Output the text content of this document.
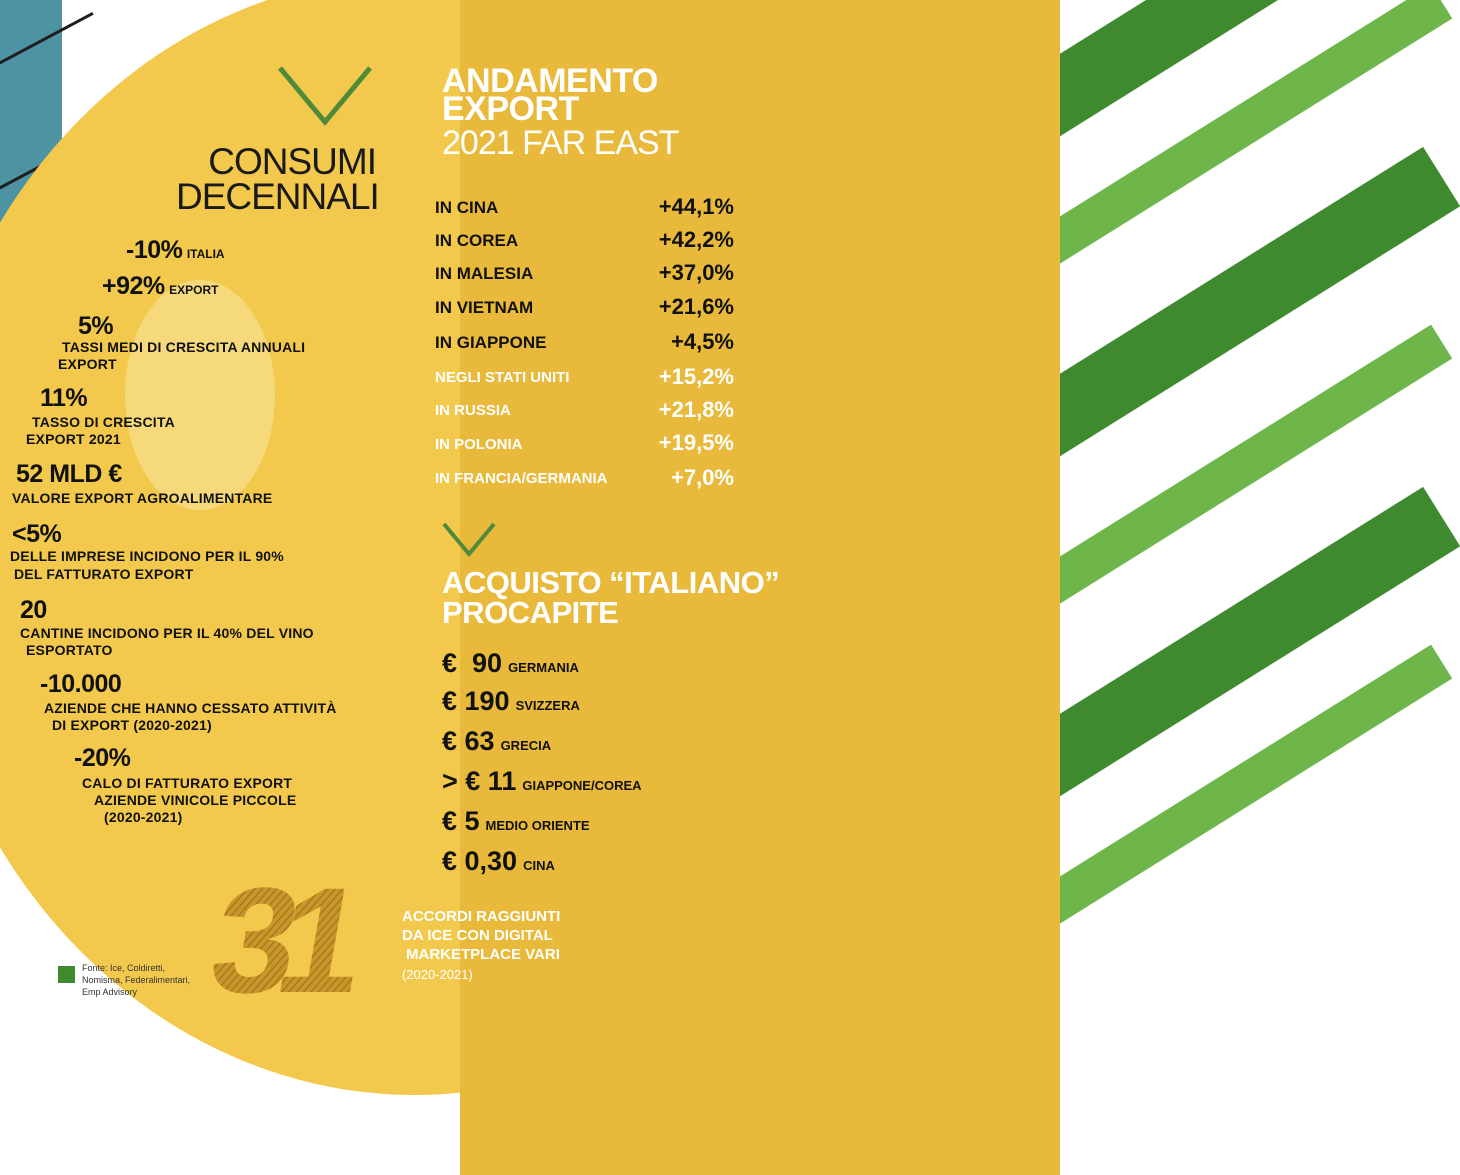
CONSUMI
DECENNALI
-10% ITALIA
+92% EXPORT
5%
TASSI MEDI DI CRESCITA ANNUALI
EXPORT
11%
TASSO DI CRESCITA
EXPORT 2021
52 MLD €
VALORE EXPORT AGROALIMENTARE
<5%
DELLE IMPRESE INCIDONO PER IL 90%
DEL FATTURATO EXPORT
20
CANTINE INCIDONO PER IL 40% DEL VINO
ESPORTATO
-10.000
AZIENDE CHE HANNO CESSATO ATTIVITÀ
DI EXPORT (2020-2021)
-20%
CALO DI FATTURATO EXPORT
AZIENDE VINICOLE PICCOLE
(2020-2021)
ANDAMENTO
EXPORT
2021 FAR EAST
IN CINA	+44,1%
IN COREA	+42,2%
IN MALESIA	+37,0%
IN VIETNAM	+21,6%
IN GIAPPONE	+4,5%
NEGLI STATI UNITI	+15,2%
IN RUSSIA	+21,8%
IN POLONIA	+19,5%
IN FRANCIA/GERMANIA	+7,0%
ACQUISTO “ITALIANO”
PROCAPITE
€  90 GERMANIA
€ 190 SVIZZERA
€ 63 GRECIA
> € 11 GIAPPONE/COREA
€ 5 MEDIO ORIENTE
€ 0,30 CINA
31	ACCORDI RAGGIUNTI
DA ICE CON DIGITAL
MARKETPLACE VARI
(2020-2021)
Fonte: Ice, Coldiretti, Nomisma, Federalimentari, Emp Advisory
